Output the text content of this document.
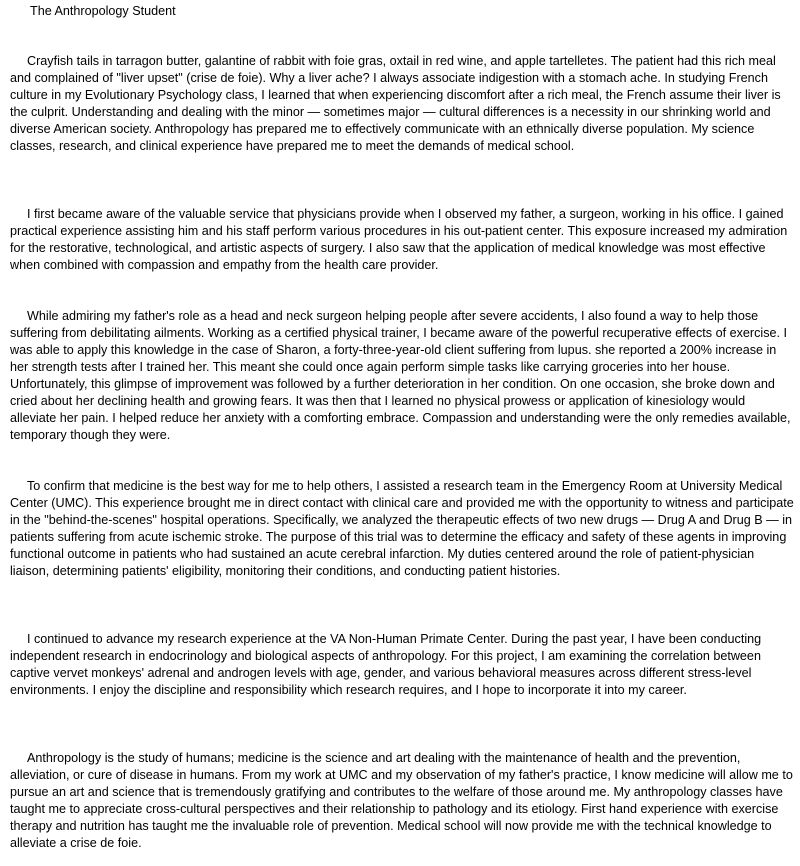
The Anthropology Student

Crayfish tails in tarragon butter, galantine of rabbit with foie gras, oxtail in red wine, and apple tartelletes. The patient had this rich meal and complained of "liver upset" (crise de foie). Why a liver ache? I always associate indigestion with a stomach ache. In studying French culture in my Evolutionary Psychology class, I learned that when experiencing discomfort after a rich meal, the French assume their liver is the culprit. Understanding and dealing with the minor — sometimes major — cultural differences is a necessity in our shrinking world and diverse American society. Anthropology has prepared me to effectively communicate with an ethnically diverse population. My science classes, research, and clinical experience have prepared me to meet the demands of medical school.

I first became aware of the valuable service that physicians provide when I observed my father, a surgeon, working in his office. I gained practical experience assisting him and his staff perform various procedures in his out-patient center. This exposure increased my admiration for the restorative, technological, and artistic aspects of surgery. I also saw that the application of medical knowledge was most effective when combined with compassion and empathy from the health care provider.

While admiring my father's role as a head and neck surgeon helping people after severe accidents, I also found a way to help those suffering from debilitating ailments. Working as a certified physical trainer, I became aware of the powerful recuperative effects of exercise. I was able to apply this knowledge in the case of Sharon, a forty-three-year-old client suffering from lupus. she reported a 200% increase in her strength tests after I trained her. This meant she could once again perform simple tasks like carrying groceries into her house. Unfortunately, this glimpse of improvement was followed by a further deterioration in her condition. On one occasion, she broke down and cried about her declining health and growing fears. It was then that I learned no physical prowess or application of kinesiology would alleviate her pain. I helped reduce her anxiety with a comforting embrace. Compassion and understanding were the only remedies available, temporary though they were.

To confirm that medicine is the best way for me to help others, I assisted a research team in the Emergency Room at University Medical Center (UMC). This experience brought me in direct contact with clinical care and provided me with the opportunity to witness and participate in the "behind-the-scenes" hospital operations. Specifically, we analyzed the therapeutic effects of two new drugs — Drug A and Drug B — in patients suffering from acute ischemic stroke. The purpose of this trial was to determine the efficacy and safety of these agents in improving functional outcome in patients who had sustained an acute cerebral infarction. My duties centered around the role of patient-physician liaison, determining patients' eligibility, monitoring their conditions, and conducting patient histories.

I continued to advance my research experience at the VA Non-Human Primate Center. During the past year, I have been conducting independent research in endocrinology and biological aspects of anthropology. For this project, I am examining the correlation between captive vervet monkeys' adrenal and androgen levels with age, gender, and various behavioral measures across different stress-level environments. I enjoy the discipline and responsibility which research requires, and I hope to incorporate it into my career.

Anthropology is the study of humans; medicine is the science and art dealing with the maintenance of health and the prevention, alleviation, or cure of disease in humans. From my work at UMC and my observation of my father's practice, I know medicine will allow me to pursue an art and science that is tremendously gratifying and contributes to the welfare of those around me. My anthropology classes have taught me to appreciate cross-cultural perspectives and their relationship to pathology and its etiology. First hand experience with exercise therapy and nutrition has taught me the invaluable role of prevention. Medical school will now provide me with the technical knowledge to alleviate a crise de foie.
